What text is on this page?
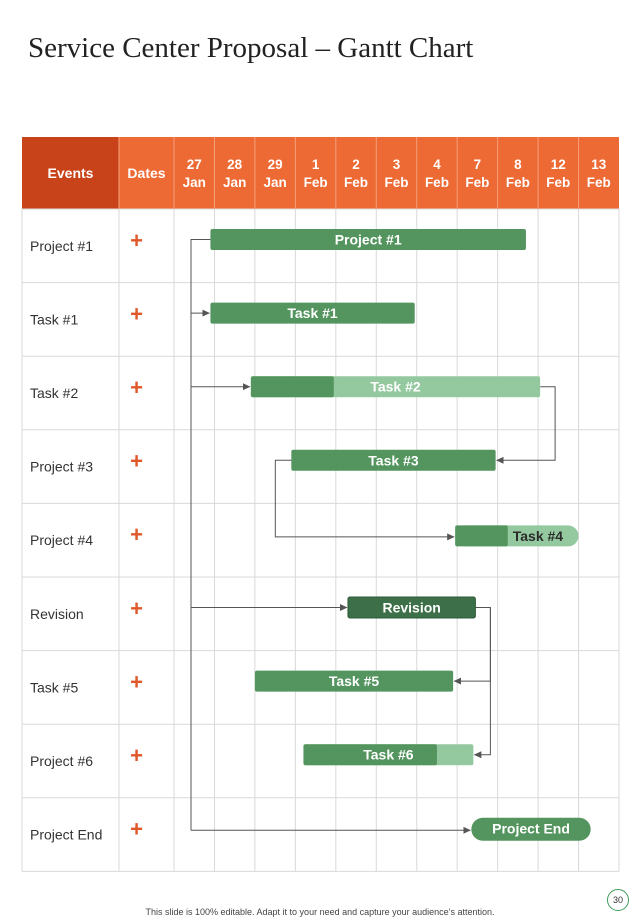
Service Center Proposal – Gantt Chart
Events Dates
27
Jan
28
Jan
29
Jan
1
Feb
2
Feb
3
Feb
4
Feb
7
Feb
8
Feb
12
Feb
13
Feb
Project #1 +
Task #1 +
Task #2 +
Project #3 +
Project #4 +
Revision +
Task #5 +
Project #6 +
Project End +
Project #1
Task #1
Task #2
Task #3
Task #4
Revision
Task #5
Task #6
Project End
This slide is 100% editable. Adapt it to your need and capture your audience’s attention.
30
